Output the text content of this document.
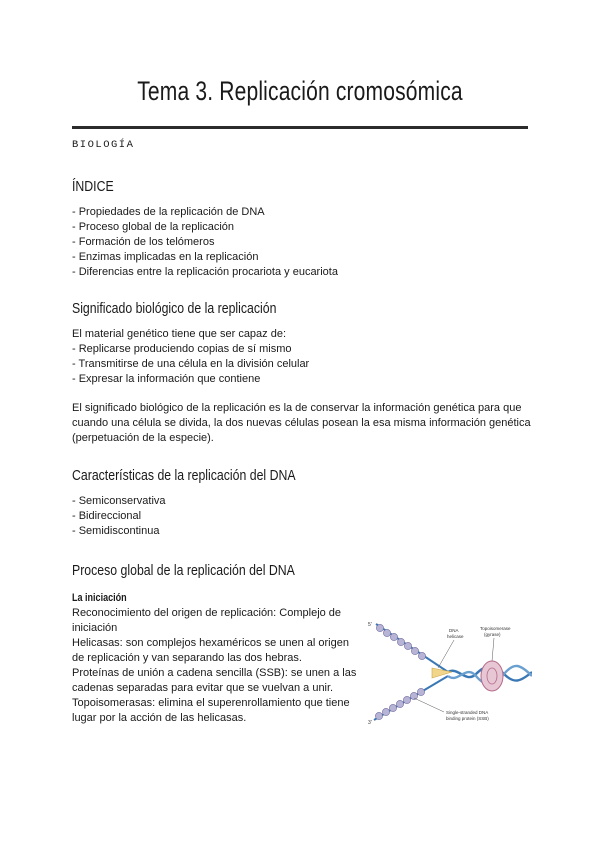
Tema 3. Replicación cromosómica
BIOLOGÍA
ÍNDICE

- Propiedades de la replicación de DNA

- Proceso global de la replicación

- Formación de los telómeros

- Enzimas implicadas en la replicación

- Diferencias entre la replicación procariota y eucariota

Significado biológico de la replicación

El material genético tiene que ser capaz de:

- Replicarse produciendo copias de sí mismo

- Transmitirse de una célula en la división celular

- Expresar la información que contiene

El significado biológico de la replicación es la de conservar la información genética para que cuando una célula se divida, la dos nuevas células posean la esa misma información genética (perpetuación de la especie).
Características de la replicación del DNA

- Semiconservativa

- Bidireccional

- Semidiscontinua

Proceso global de la replicación del DNA
La iniciación

Reconocimiento del origen de replicación: Complejo de iniciación

Helicasas: son complejos hexaméricos se unen al origen de replicación y van separando las dos hebras.

Proteínas de unión a cadena sencilla (SSB): se unen a las cadenas separadas para evitar que se vuelvan a unir.

Topoisomerasas: elimina el superenrollamiento que tiene lugar por la acción de las helicasas.

5'
3'
DNA
helicase
Topoisomerase
(gyrase)
Single-stranded DNA
binding protein (SSB)
